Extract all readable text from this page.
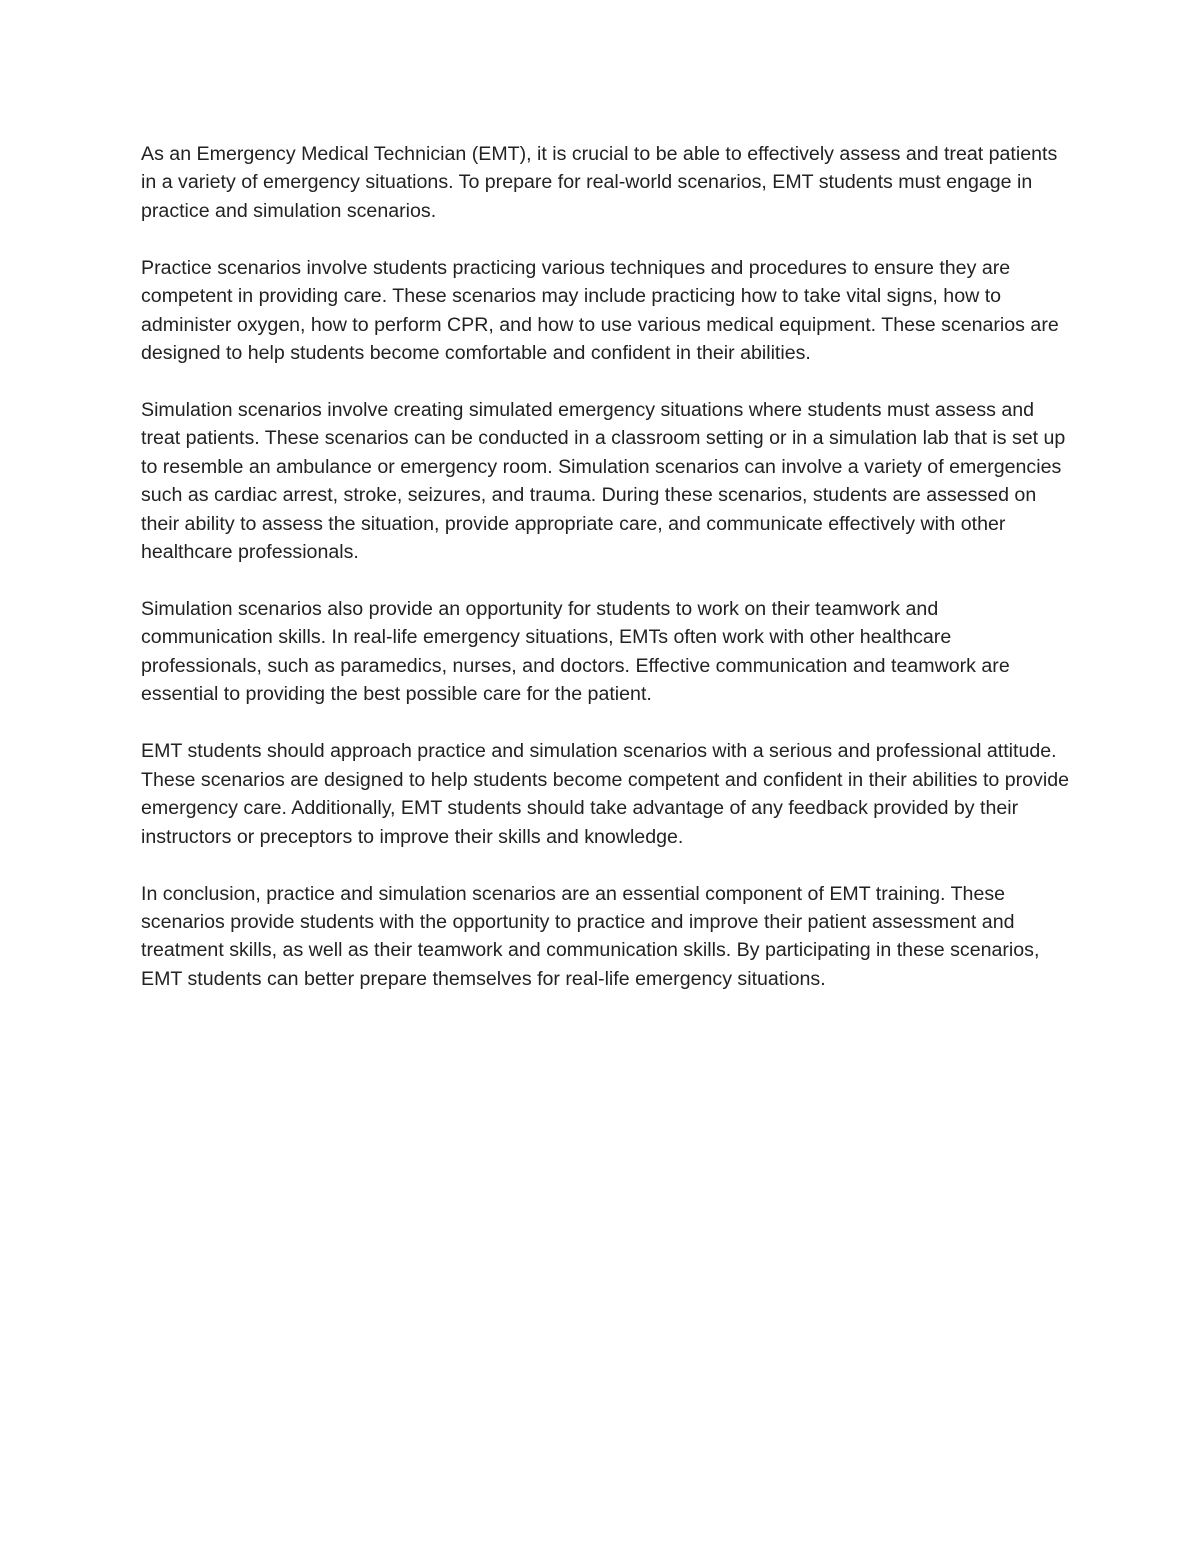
As an Emergency Medical Technician (EMT), it is crucial to be able to effectively assess and treat patients in a variety of emergency situations. To prepare for real-world scenarios, EMT students must engage in practice and simulation scenarios.

Practice scenarios involve students practicing various techniques and procedures to ensure they are competent in providing care. These scenarios may include practicing how to take vital signs, how to administer oxygen, how to perform CPR, and how to use various medical equipment. These scenarios are designed to help students become comfortable and confident in their abilities.

Simulation scenarios involve creating simulated emergency situations where students must assess and treat patients. These scenarios can be conducted in a classroom setting or in a simulation lab that is set up to resemble an ambulance or emergency room. Simulation scenarios can involve a variety of emergencies such as cardiac arrest, stroke, seizures, and trauma. During these scenarios, students are assessed on their ability to assess the situation, provide appropriate care, and communicate effectively with other healthcare professionals.

Simulation scenarios also provide an opportunity for students to work on their teamwork and communication skills. In real-life emergency situations, EMTs often work with other healthcare professionals, such as paramedics, nurses, and doctors. Effective communication and teamwork are essential to providing the best possible care for the patient.

EMT students should approach practice and simulation scenarios with a serious and professional attitude. These scenarios are designed to help students become competent and confident in their abilities to provide emergency care. Additionally, EMT students should take advantage of any feedback provided by their instructors or preceptors to improve their skills and knowledge.

In conclusion, practice and simulation scenarios are an essential component of EMT training. These scenarios provide students with the opportunity to practice and improve their patient assessment and treatment skills, as well as their teamwork and communication skills. By participating in these scenarios, EMT students can better prepare themselves for real-life emergency situations.
